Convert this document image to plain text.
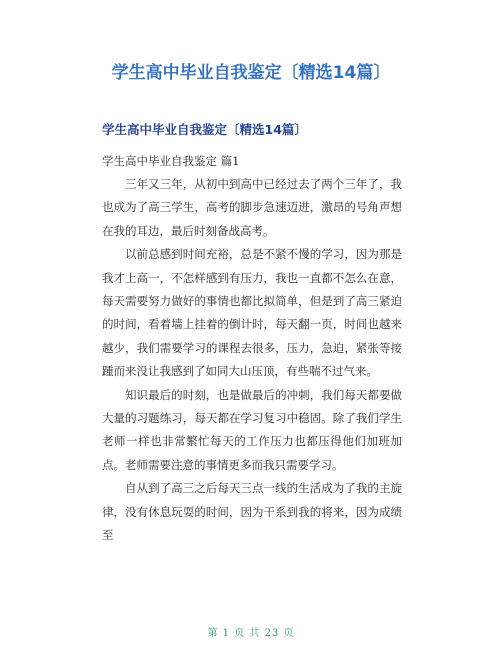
学生高中毕业自我鉴定〔精选14篇〕
学生高中毕业自我鉴定〔精选14篇〕
学生高中毕业自我鉴定 篇1

三年又三年，从初中到高中已经过去了两个三年了，我也成为了高三学生，高考的脚步急速迈进，激昂的号角声想在我的耳边，最后时刻备战高考。

以前总感到时间充裕，总是不紧不慢的学习，因为那是我才上高一，不怎样感到有压力，我也一直都不怎么在意，每天需要努力做好的事情也都比拟简单，但是到了高三紧迫的时间，看着墙上挂着的倒计时，每天翻一页，时间也越来越少，我们需要学习的课程去很多，压力，急迫，紧张等接踵而来没让我感到了如同大山压顶，有些喘不过气来。

知识最后的时刻，也是做最后的冲刺，我们每天都要做大量的习题练习，每天都在学习复习中稳固。除了我们学生老师一样也非常繁忙每天的工作压力也都压得他们加班加点。老师需要注意的事情更多而我只需要学习。

自从到了高三之后每天三点一线的生活成为了我的主旋律，没有休息玩耍的时间，因为干系到我的将来，因为成绩至

第 1 页 共 23 页
